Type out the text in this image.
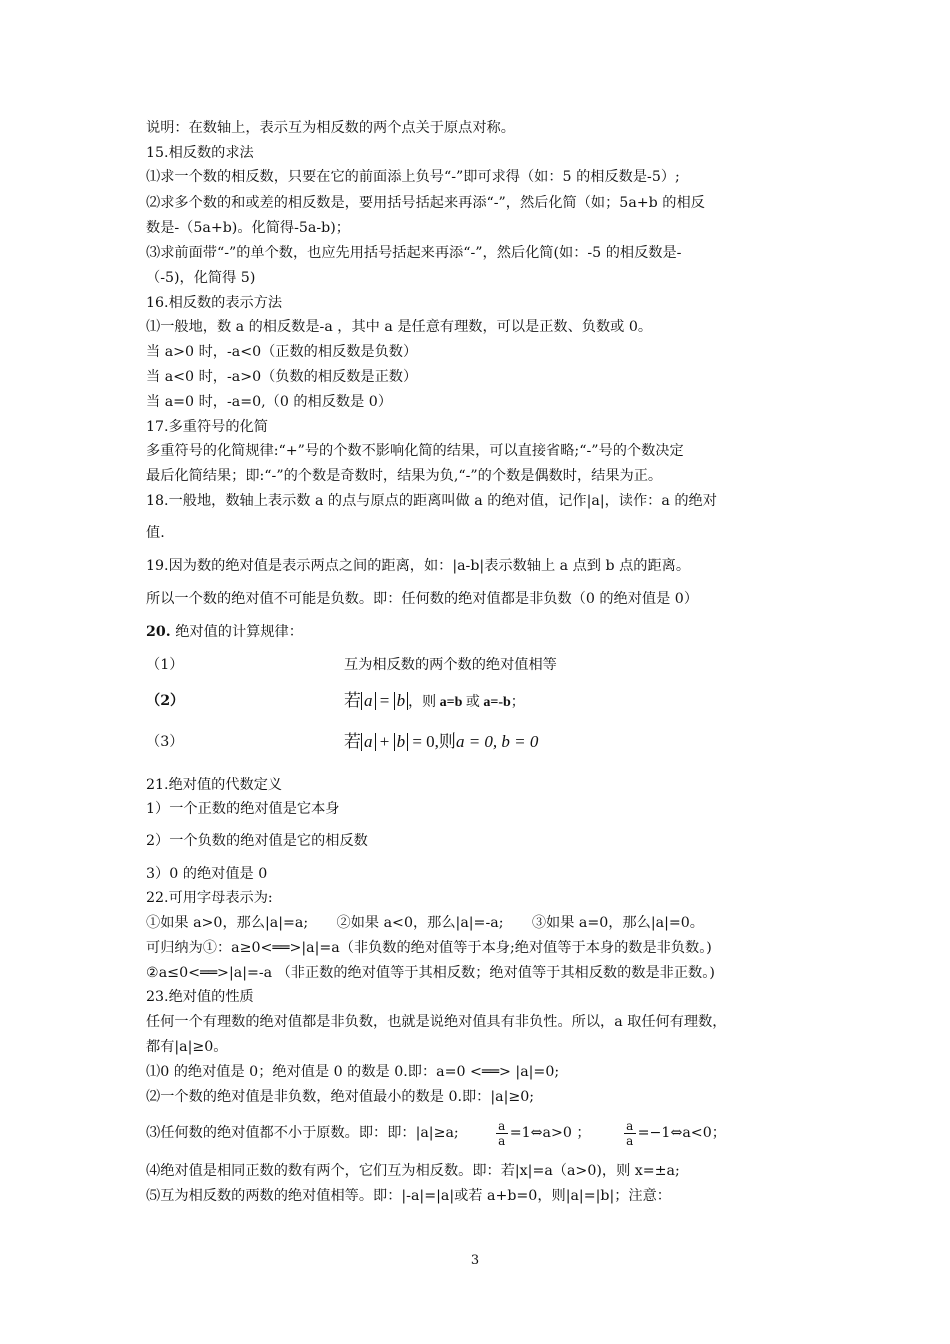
说明：在数轴上，表示互为相反数的两个点关于原点对称。
15.相反数的求法
⑴求一个数的相反数，只要在它的前面添上负号“-”即可求得（如：5 的相反数是-5）;
⑵求多个数的和或差的相反数是，要用括号括起来再添“-”，然后化简（如；5a+b 的相反
数是-（5a+b)。化简得-5a-b)；
⑶求前面带“-”的单个数，也应先用括号括起来再添“-”，然后化简(如：-5 的相反数是-
（-5)，化简得 5)
16.相反数的表示方法
⑴一般地，数 a 的相反数是-a ，其中 a 是任意有理数，可以是正数、负数或 0。
当 a>0 时，-a<0（正数的相反数是负数）
当 a<0 时，-a>0（负数的相反数是正数）
当 a=0 时，-a=0,（0 的相反数是 0）
17.多重符号的化简
多重符号的化简规律:“+”号的个数不影响化简的结果，可以直接省略;“-”号的个数决定
最后化简结果；即:“-”的个数是奇数时，结果为负,“-”的个数是偶数时，结果为正。
18.一般地，数轴上表示数 a 的点与原点的距离叫做 a 的绝对值，记作|a|，读作：a 的绝对
值.
19.因为数的绝对值是表示两点之间的距离，如：|a-b|表示数轴上 a 点到 b 点的距离。
所以一个数的绝对值不可能是负数。即：任何数的绝对值都是非负数（0 的绝对值是 0）
20. 绝对值的计算规律：
（1）	互为相反数的两个数的绝对值相等
（2）	若 a = b ，则 a=b 或 a=-b；
（3）	若 a + b = 0,则a = 0, b = 0
21.绝对值的代数定义
1）一个正数的绝对值是它本身
2）一个负数的绝对值是它的相反数
3）0 的绝对值是 0
22.可用字母表示为:
①如果 a>0，那么|a|=a;　　②如果 a<0，那么|a|=-a;　　③如果 a=0，那么|a|=0。
可归纳为①：a≥0<══>|a|=a（非负数的绝对值等于本身;绝对值等于本身的数是非负数。)
②a≤0<══>|a|=-a （非正数的绝对值等于其相反数；绝对值等于其相反数的数是非正数。)
23.绝对值的性质
任何一个有理数的绝对值都是非负数，也就是说绝对值具有非负性。所以，a 取任何有理数，
都有|a|≥0。
⑴0 的绝对值是 0；绝对值是 0 的数是 0.即：a=0 <══> |a|=0;
⑵一个数的绝对值是非负数，绝对值最小的数是 0.即：|a|≥0;
⑶任何数的绝对值都不小于原数。即：即：|a|≥a;	$\frac{a}{a}$ =1⇔a>0 ；	$\frac{a}{a}$ =−1⇔a<0；
⑷绝对值是相同正数的数有两个，它们互为相反数。即：若|x|=a（a>0)，则 x=±a;
⑸互为相反数的两数的绝对值相等。即：|-a|=|a|或若 a+b=0，则|a|=|b|；注意：
3
